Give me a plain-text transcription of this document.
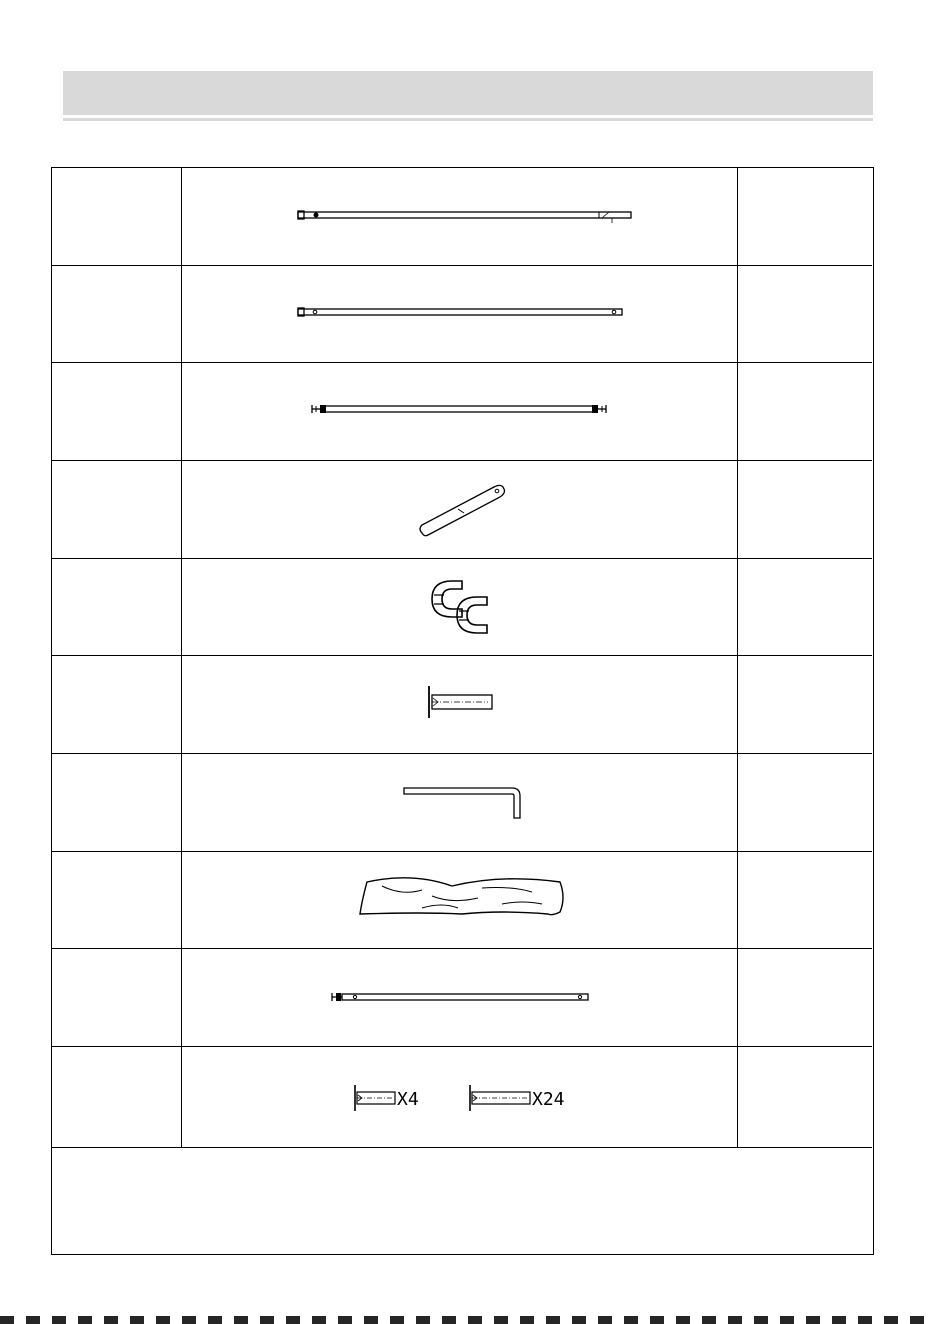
X4	X24
